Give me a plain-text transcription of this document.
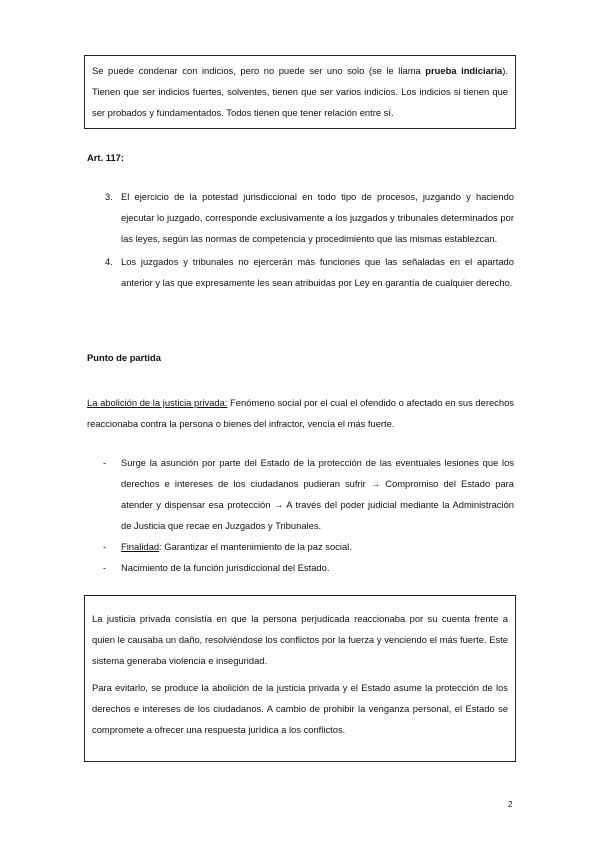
Se puede condenar con indicios, pero no puede ser uno solo (se le llama prueba indiciaria). Tienen que ser indicios fuertes, solventes, tienen que ser varios indicios. Los indicios si tienen que ser probados y fundamentados. Todos tienen que tener relación entre sí.

Art. 117:
3. El ejercicio de la potestad jurisdiccional en todo tipo de procesos, juzgando y haciendo ejecutar lo juzgado, corresponde exclusivamente a los juzgados y tribunales determinados por las leyes, según las normas de competencia y procedimiento que las mismas establezcan.
4. Los juzgados y tribunales no ejercerán más funciones que las señaladas en el apartado anterior y las que expresamente les sean atribuidas por Ley en garantía de cualquier derecho.
Punto de partida

La abolición de la justicia privada: Fenómeno social por el cual el ofendido o afectado en sus derechos reaccionaba contra la persona o bienes del infractor, vencía el más fuerte.

- Surge la asunción por parte del Estado de la protección de las eventuales lesiones que los derechos e intereses de los ciudadanos pudieran sufrir → Compromiso del Estado para atender y dispensar esa protección → A través del poder judicial mediante la Administración de Justicia que recae en Juzgados y Tribunales.
- Finalidad: Garantizar el mantenimiento de la paz social.
- Nacimiento de la función jurisdiccional del Estado.

La justicia privada consistía en que la persona perjudicada reaccionaba por su cuenta frente a quien le causaba un daño, resolviéndose los conflictos por la fuerza y venciendo el más fuerte. Este sistema generaba violencia e inseguridad.

Para evitarlo, se produce la abolición de la justicia privada y el Estado asume la protección de los derechos e intereses de los ciudadanos. A cambio de prohibir la venganza personal, el Estado se compromete a ofrecer una respuesta jurídica a los conflictos.

2
